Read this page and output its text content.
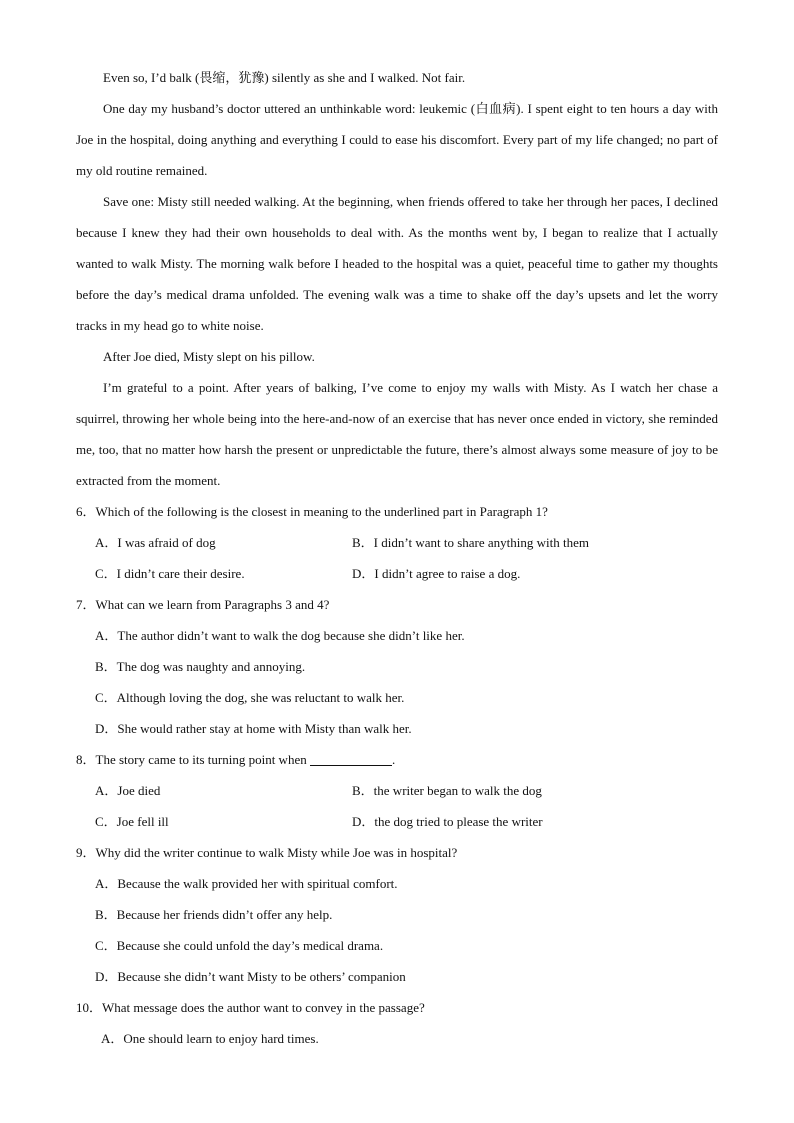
Even so, I’d balk (畏缩，犹豫) silently as she and I walked. Not fair.

One day my husband’s doctor uttered an unthinkable word: leukemic (白血病). I spent eight to ten hours a day with Joe in the hospital, doing anything and everything I could to ease his discomfort. Every part of my life changed; no part of my old routine remained.

Save one: Misty still needed walking. At the beginning, when friends offered to take her through her paces, I declined because I knew they had their own households to deal with. As the months went by, I began to realize that I actually wanted to walk Misty. The morning walk before I headed to the hospital was a quiet, peaceful time to gather my thoughts before the day’s medical drama unfolded. The evening walk was a time to shake off the day’s upsets and let the worry tracks in my head go to white noise.

After Joe died, Misty slept on his pillow.

I’m grateful to a point. After years of balking, I’ve come to enjoy my walls with Misty. As I watch her chase a squirrel, throwing her whole being into the here-and-now of an exercise that has never once ended in victory, she reminded me, too, that no matter how harsh the present or unpredictable the future, there’s almost always some measure of joy to be extracted from the moment.

6．Which of the following is the closest in meaning to the underlined part in Paragraph 1?

A．I was afraid of dog	B．I didn’t want to share anything with them
C．I didn’t care their desire.	D．I didn’t agree to raise a dog.

7．What can we learn from Paragraphs 3 and 4?

A．The author didn’t want to walk the dog because she didn’t like her.
B．The dog was naughty and annoying.
C．Although loving the dog, she was reluctant to walk her.
D．She would rather stay at home with Misty than walk her.

8．The story came to its turning point when	.

A．Joe died	B．the writer began to walk the dog
C．Joe fell ill	D．the dog tried to please the writer

9．Why did the writer continue to walk Misty while Joe was in hospital?

A．Because the walk provided her with spiritual comfort.
B．Because her friends didn’t offer any help.
C．Because she could unfold the day’s medical drama.
D．Because she didn’t want Misty to be others’ companion

10．What message does the author want to convey in the passage?

A．One should learn to enjoy hard times.
